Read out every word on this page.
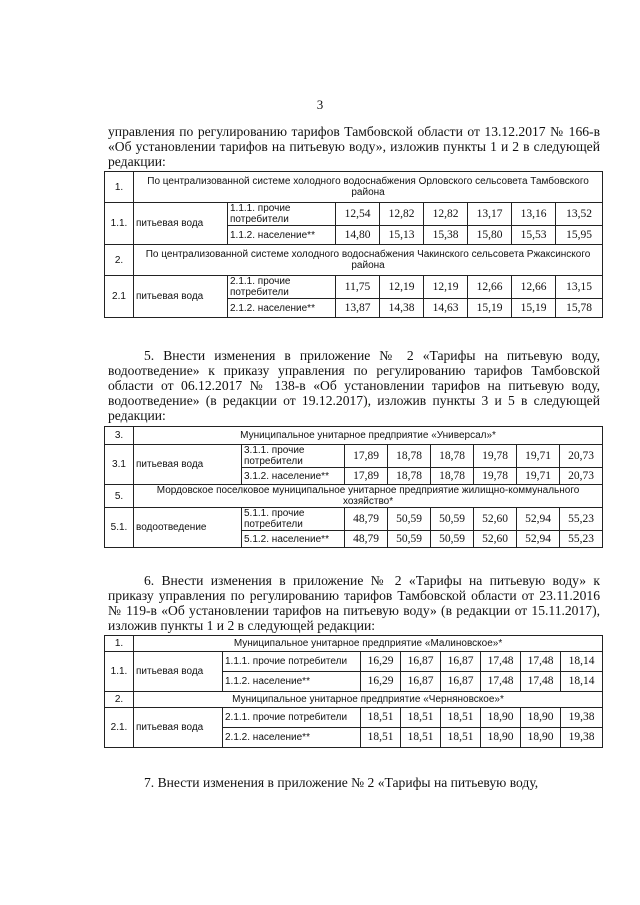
3
управления по регулированию тарифов Тамбовской области от 13.12.2017 № 166-в «Об установлении тарифов на питьевую воду», изложив пункты 1 и 2 в следующей редакции:
1.	По централизованной системе холодного водоснабжения Орловского сельсовета Тамбовского района							
1.1.	питьевая вода	1.1.1. прочие потребители	12,54	12,82	12,82	13,17	13,16	13,52
		1.1.2. население**	14,80	15,13	15,38	15,80	15,53	15,95
2.	По централизованной системе холодного водоснабжения Чакинского сельсовета Ржаксинского района							
2.1	питьевая вода	2.1.1. прочие потребители	11,75	12,19	12,19	12,66	12,66	13,15
		2.1.2. население**	13,87	14,38	14,63	15,19	15,19	15,78
5. Внести изменения в приложение № 2 «Тарифы на питьевую воду, водоотведение» к приказу управления по регулированию тарифов Тамбовской области от 06.12.2017 № 138-в «Об установлении тарифов на питьевую воду, водоотведение» (в редакции от 19.12.2017), изложив пункты 3 и 5 в следующей редакции:
3.	Муниципальное унитарное предприятие «Универсал»*							
3.1	питьевая вода	3.1.1. прочие потребители	17,89	18,78	18,78	19,78	19,71	20,73
		3.1.2. население**	17,89	18,78	18,78	19,78	19,71	20,73
5.	Мордовское поселковое муниципальное унитарное предприятие жилищно-коммунального хозяйство*							
5.1.	водоотведение	5.1.1. прочие потребители	48,79	50,59	50,59	52,60	52,94	55,23
		5.1.2. население**	48,79	50,59	50,59	52,60	52,94	55,23
6. Внести изменения в приложение № 2 «Тарифы на питьевую воду» к приказу управления по регулированию тарифов Тамбовской области от 23.11.2016 № 119-в «Об установлении тарифов на питьевую воду» (в редакции от 15.11.2017), изложив пункты 1 и 2 в следующей редакции:
1.	Муниципальное унитарное предприятие «Малиновское»*							
1.1.	питьевая вода	1.1.1. прочие потребители	16,29	16,87	16,87	17,48	17,48	18,14
		1.1.2. население**	16,29	16,87	16,87	17,48	17,48	18,14
2.	Муниципальное унитарное предприятие «Черняновское»*							
2.1.	питьевая вода	2.1.1. прочие потребители	18,51	18,51	18,51	18,90	18,90	19,38
		2.1.2. население**	18,51	18,51	18,51	18,90	18,90	19,38
7. Внести изменения в приложение № 2 «Тарифы на питьевую воду,
